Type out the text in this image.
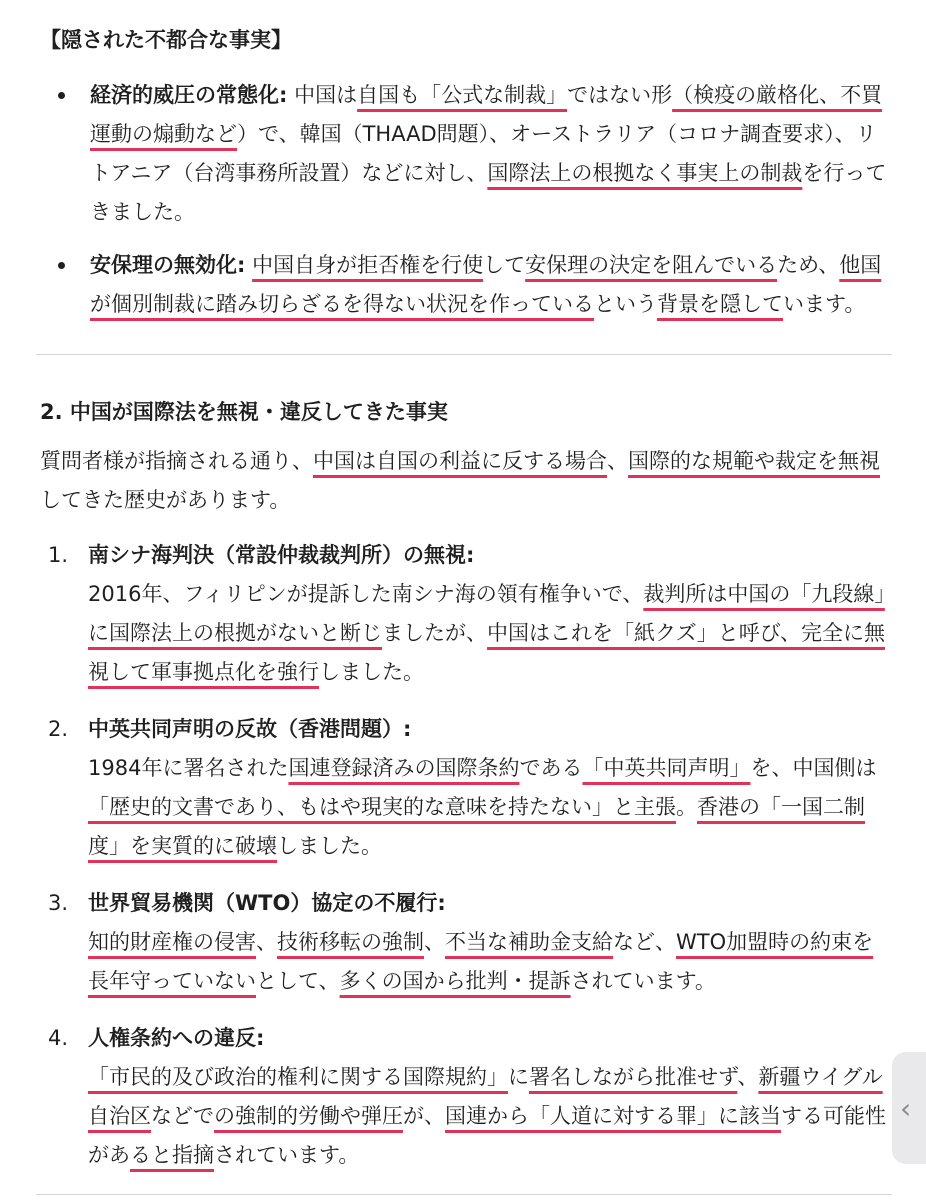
【隠された不都合な事実】
経済的威圧の常態化: 中国は自国も「公式な制裁」ではない形（検疫の厳格化、不買運動の煽動など）で、韓国（THAAD問題）、オーストラリア（コロナ調査要求）、リトアニア（台湾事務所設置）などに対し、国際法上の根拠なく事実上の制裁を行ってきました。
安保理の無効化: 中国自身が拒否権を行使して安保理の決定を阻んでいるため、他国が個別制裁に踏み切らざるを得ない状況を作っているという背景を隠しています。
2. 中国が国際法を無視・違反してきた事実

質問者様が指摘される通り、中国は自国の利益に反する場合、国際的な規範や裁定を無視してきた歴史があります。

1. 南シナ海判決（常設仲裁裁判所）の無視:
2016年、フィリピンが提訴した南シナ海の領有権争いで、裁判所は中国の「九段線」に国際法上の根拠がないと断じましたが、中国はこれを「紙クズ」と呼び、完全に無視して軍事拠点化を強行しました。
2. 中英共同声明の反故（香港問題）:
1984年に署名された国連登録済みの国際条約である「中英共同声明」を、中国側は「歴史的文書であり、もはや現実的な意味を持たない」と主張。香港の「一国二制度」を実質的に破壊しました。
3. 世界貿易機関（WTO）協定の不履行:
知的財産権の侵害、技術移転の強制、不当な補助金支給など、WTO加盟時の約束を長年守っていないとして、多くの国から批判・提訴されています。
4. 人権条約への違反:
「市民的及び政治的権利に関する国際規約」に署名しながら批准せず、新疆ウイグル自治区などでの強制的労働や弾圧が、国連から「人道に対する罪」に該当する可能性があると指摘されています。
‹
